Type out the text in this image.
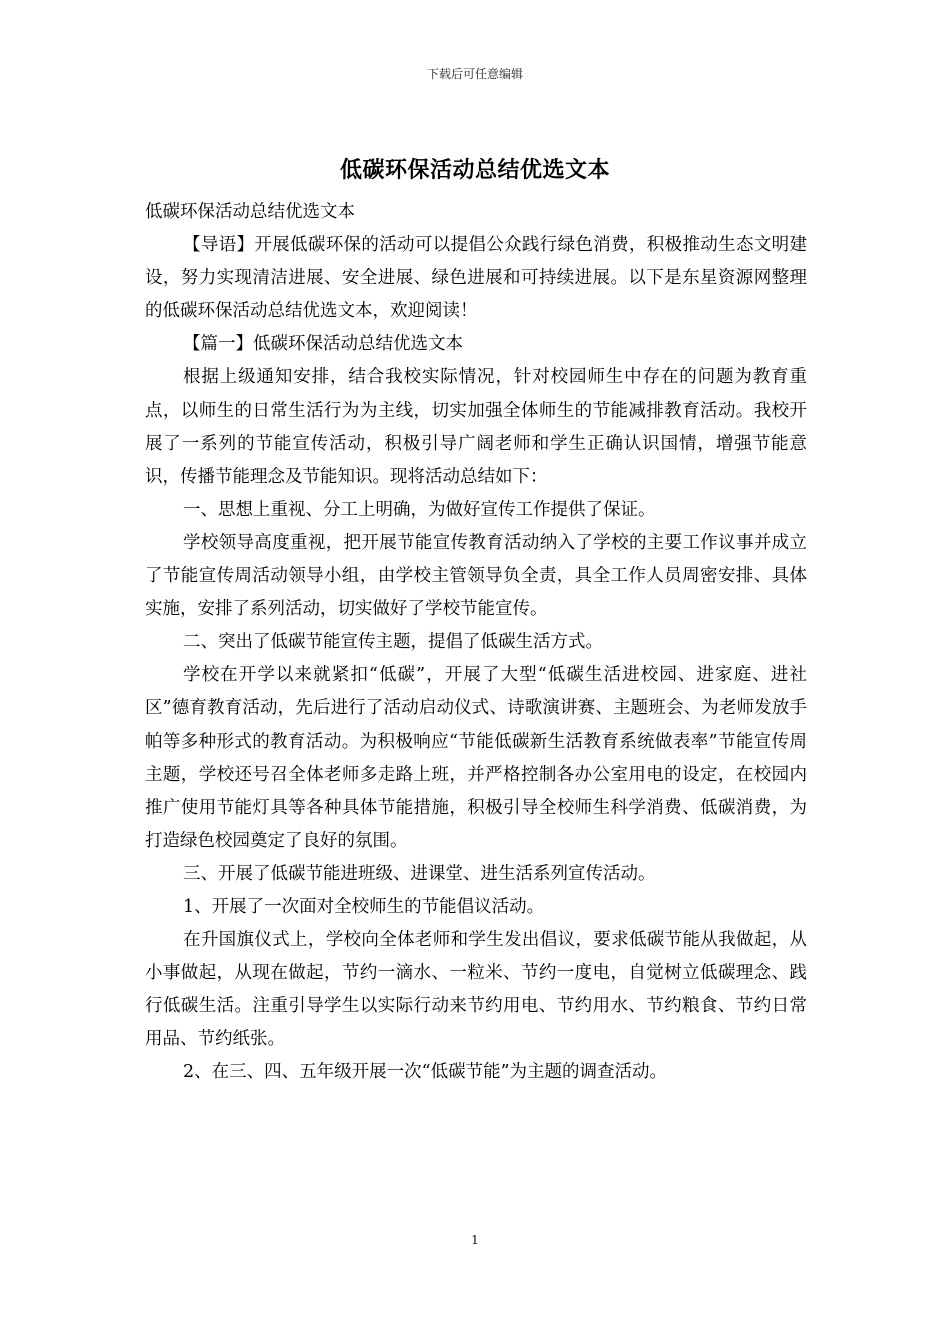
下载后可任意编辑
低碳环保活动总结优选文本

低碳环保活动总结优选文本

【导语】开展低碳环保的活动可以提倡公众践行绿色消费，积极推动生态文明建设，努力实现清洁进展、安全进展、绿色进展和可持续进展。以下是东星资源网整理的低碳环保活动总结优选文本，欢迎阅读！

【篇一】低碳环保活动总结优选文本

根据上级通知安排，结合我校实际情况，针对校园师生中存在的问题为教育重点，以师生的日常生活行为为主线，切实加强全体师生的节能减排教育活动。我校开展了一系列的节能宣传活动，积极引导广阔老师和学生正确认识国情，增强节能意识，传播节能理念及节能知识。现将活动总结如下：

一、思想上重视、分工上明确，为做好宣传工作提供了保证。

学校领导高度重视，把开展节能宣传教育活动纳入了学校的主要工作议事并成立了节能宣传周活动领导小组，由学校主管领导负全责，具全工作人员周密安排、具体实施，安排了系列活动，切实做好了学校节能宣传。

二、突出了低碳节能宣传主题，提倡了低碳生活方式。

学校在开学以来就紧扣“低碳”，开展了大型“低碳生活进校园、进家庭、进社区”德育教育活动，先后进行了活动启动仪式、诗歌演讲赛、主题班会、为老师发放手帕等多种形式的教育活动。为积极响应“节能低碳新生活教育系统做表率”节能宣传周主题，学校还号召全体老师多走路上班，并严格控制各办公室用电的设定，在校园内推广使用节能灯具等各种具体节能措施，积极引导全校师生科学消费、低碳消费，为打造绿色校园奠定了良好的氛围。

三、开展了低碳节能进班级、进课堂、进生活系列宣传活动。

1、开展了一次面对全校师生的节能倡议活动。

在升国旗仪式上，学校向全体老师和学生发出倡议，要求低碳节能从我做起，从小事做起，从现在做起，节约一滴水、一粒米、节约一度电，自觉树立低碳理念、践行低碳生活。注重引导学生以实际行动来节约用电、节约用水、节约粮食、节约日常用品、节约纸张。

2、在三、四、五年级开展一次“低碳节能”为主题的调查活动。

1
